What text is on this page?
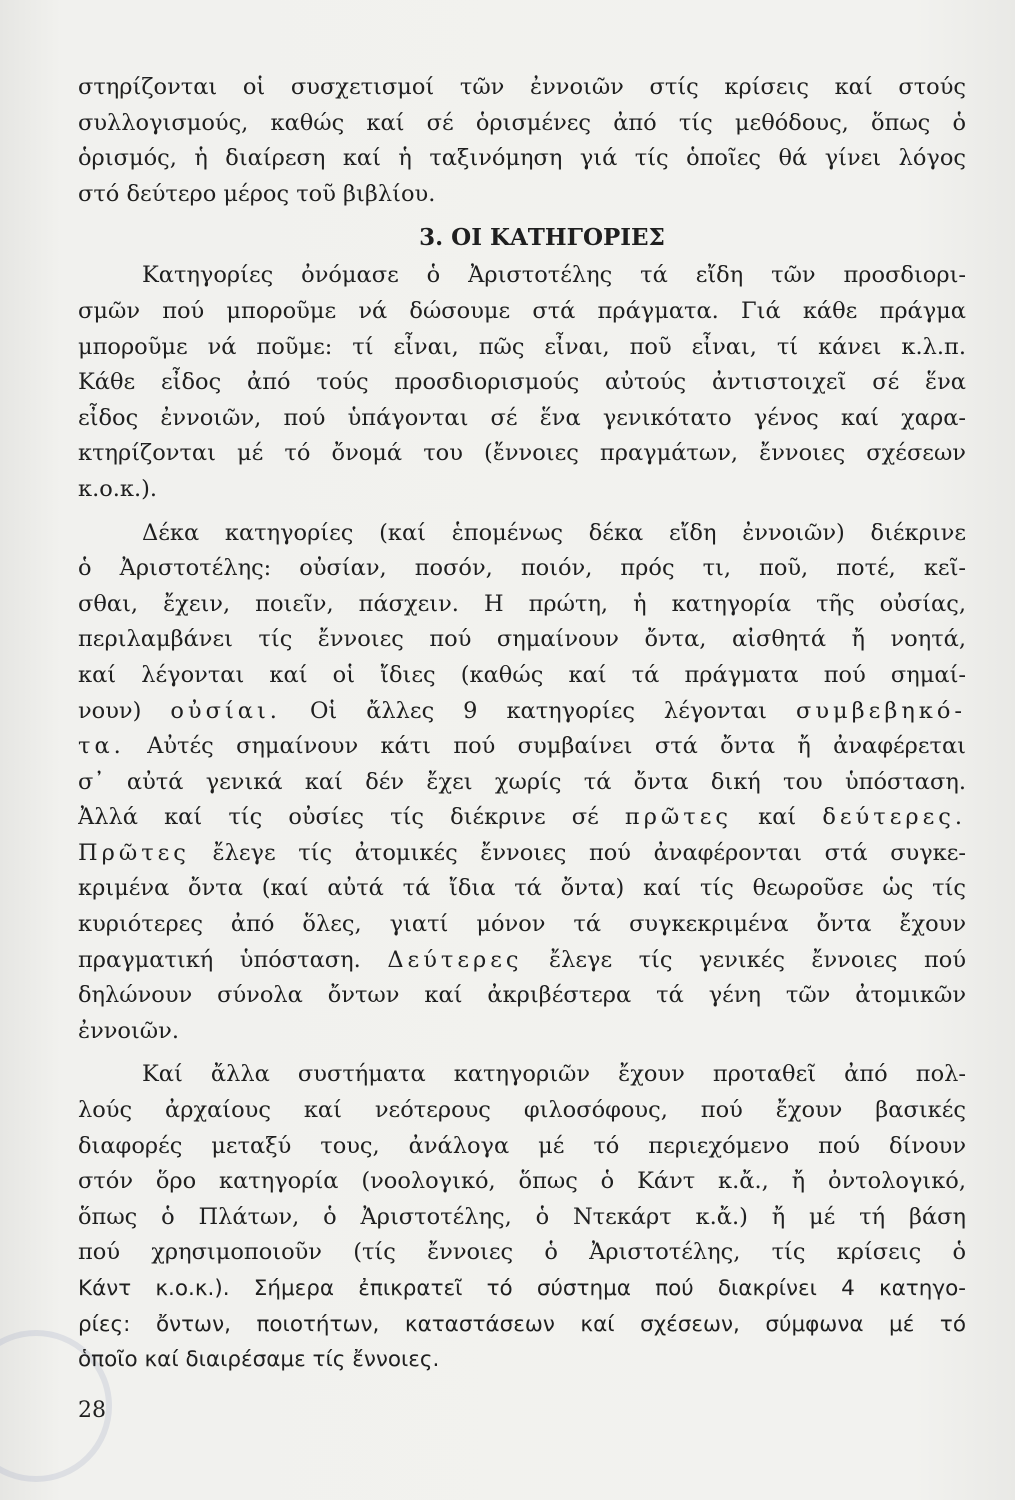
στηρίζονται οἱ συσχετισμοί τῶν ἐννοιῶν στίς κρίσεις καί στούς
συλλογισμούς, καθώς καί σέ ὁρισμένες ἀπό τίς μεθόδους, ὅπως ὁ
ὁρισμός, ἡ διαίρεση καί ἡ ταξινόμηση γιά τίς ὁποῖες θά γίνει λόγος
στό δεύτερο μέρος τοῦ βιβλίου.
3. ΟΙ ΚΑΤΗΓΟΡΙΕΣ
Κατηγορίες ὀνόμασε ὁ Ἀριστοτέλης τά εἴδη τῶν προσδιορι-
σμῶν πού μποροῦμε νά δώσουμε στά πράγματα. Γιά κάθε πράγμα
μποροῦμε νά ποῦμε: τί εἶναι, πῶς εἶναι, ποῦ εἶναι, τί κάνει κ.λ.π.
Κάθε εἶδος ἀπό τούς προσδιορισμούς αὐτούς ἀντιστοιχεῖ σέ ἕνα
εἶδος ἐννοιῶν, πού ὑπάγονται σέ ἕνα γενικότατο γένος καί χαρα-
κτηρίζονται μέ τό ὄνομά του (ἔννοιες πραγμάτων, ἔννοιες σχέσεων
κ.ο.κ.).
Δέκα κατηγορίες (καί ἑπομένως δέκα εἴδη ἐννοιῶν) διέκρινε
ὁ Ἀριστοτέλης: οὐσίαν, ποσόν, ποιόν, πρός τι, ποῦ, ποτέ, κεῖ-
σθαι, ἔχειν, ποιεῖν, πάσχειν. Η πρώτη, ἡ κατηγορία τῆς οὐσίας,
περιλαμβάνει τίς ἔννοιες πού σημαίνουν ὄντα, αἰσθητά ἤ νοητά,
καί λέγονται καί οἱ ἴδιες (καθώς καί τά πράγματα πού σημαί-
νουν) οὐσίαι. Οἱ ἄλλες 9 κατηγορίες λέγονται συμβεβηκό-
τα. Αὐτές σημαίνουν κάτι πού συμβαίνει στά ὄντα ἤ ἀναφέρεται
σ᾿ αὐτά γενικά καί δέν ἔχει χωρίς τά ὄντα δική του ὑπόσταση.
Ἀλλά καί τίς οὐσίες τίς διέκρινε σέ πρῶτες καί δεύτερες.
Πρῶτες ἔλεγε τίς ἀτομικές ἔννοιες πού ἀναφέρονται στά συγκε-
κριμένα ὄντα (καί αὐτά τά ἴδια τά ὄντα) καί τίς θεωροῦσε ὡς τίς
κυριότερες ἀπό ὅλες, γιατί μόνον τά συγκεκριμένα ὄντα ἔχουν
πραγματική ὑπόσταση. Δεύτερες ἔλεγε τίς γενικές ἔννοιες πού
δηλώνουν σύνολα ὄντων καί ἀκριβέστερα τά γένη τῶν ἀτομικῶν
ἐννοιῶν.
Καί ἄλλα συστήματα κατηγοριῶν ἔχουν προταθεῖ ἀπό πολ-
λούς ἀρχαίους καί νεότερους φιλοσόφους, πού ἔχουν βασικές
διαφορές μεταξύ τους, ἀνάλογα μέ τό περιεχόμενο πού δίνουν
στόν ὅρο κατηγορία (νοολογικό, ὅπως ὁ Κάντ κ.ἄ., ἤ ὀντολογικό,
ὅπως ὁ Πλάτων, ὁ Ἀριστοτέλης, ὁ Ντεκάρτ κ.ἄ.) ἤ μέ τή βάση
πού χρησιμοποιοῦν (τίς ἔννοιες ὁ Ἀριστοτέλης, τίς κρίσεις ὁ
Κάντ κ.ο.κ.). Σήμερα ἐπικρατεῖ τό σύστημα πού διακρίνει 4 κατηγο-
ρίες: ὄντων, ποιοτήτων, καταστάσεων καί σχέσεων, σύμφωνα μέ τό
ὁποῖο καί διαιρέσαμε τίς ἔννοιες.
28
